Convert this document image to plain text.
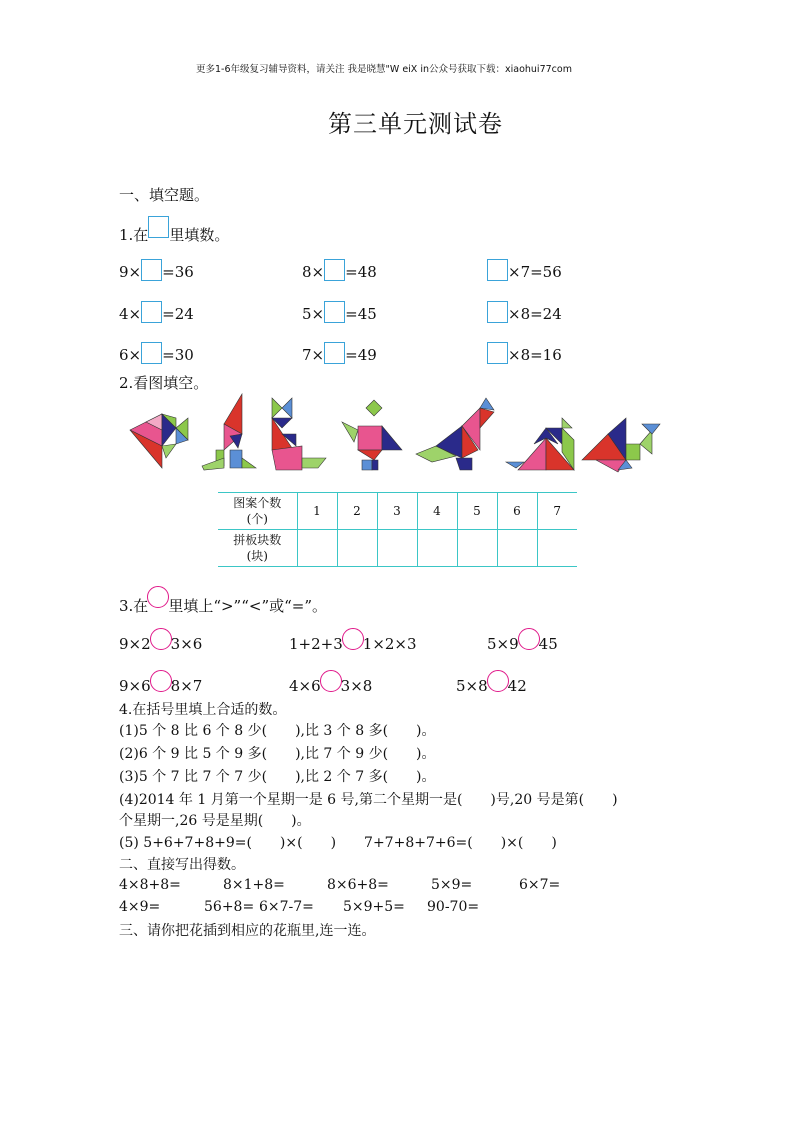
更多1-6年级复习辅导资料，请关注 我是晓慧"W eiX in公众号获取下载：xiaohui77com
第三单元测试卷
一、填空题。
1.在 里填数。
9× =36	8× =48	×7=56
4× =24	5× =45	×8=24
6× =30	7× =49	×8=16
2.看图填空。
图案个数
(个)	1	2	3	4	5	6	7
拼板块数
(块)							
3.在 里填上“>”“<”或“=”。
9×2 3×6	1+2+3 1×2×3	5×9 45
9×6 8×7	4×6 3×8	5×8 42
4.在括号里填上合适的数。
(1)5 个 8 比 6 个 8 少(　　),比 3 个 8 多(　　)。
(2)6 个 9 比 5 个 9 多(　　),比 7 个 9 少(　　)。
(3)5 个 7 比 7 个 7 少(　　),比 2 个 7 多(　　)。
(4)2014 年 1 月第一个星期一是 6 号,第二个星期一是(　　)号,20 号是第(　　)
个星期一,26 号是星期(　　)。
(5) 5+6+7+8+9=(　　)×(　　)　　7+7+8+7+6=(　　)×(　　)
二、直接写出得数。
4×8+8=	8×1+8=	8×6+8=	5×9=	6×7=
4×9=	56+8= 6×7-7= 5×9+5= 90-70=
三、请你把花插到相应的花瓶里,连一连。
